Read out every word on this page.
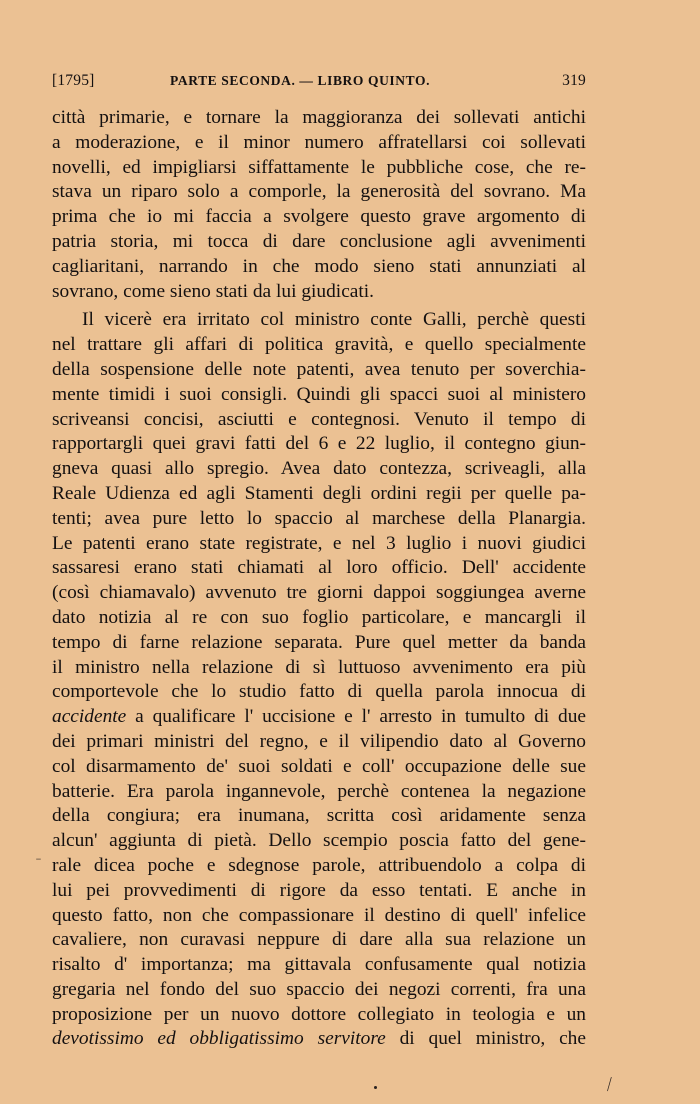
[1795]	PARTE SECONDA. — LIBRO QUINTO.	319
città primarie, e tornare la maggioranza dei sollevati antichi
a moderazione, e il minor numero affratellarsi coi sollevati
novelli, ed impigliarsi siffattamente le pubbliche cose, che re-
stava un riparo solo a comporle, la generosità del sovrano. Ma
prima che io mi faccia a svolgere questo grave argomento di
patria storia, mi tocca di dare conclusione agli avvenimenti
cagliaritani, narrando in che modo sieno stati annunziati al
sovrano, come sieno stati da lui giudicati.
Il vicerè era irritato col ministro conte Galli, perchè questi
nel trattare gli affari di politica gravità, e quello specialmente
della sospensione delle note patenti, avea tenuto per soverchia-
mente timidi i suoi consigli. Quindi gli spacci suoi al ministero
scriveansi concisi, asciutti e contegnosi. Venuto il tempo di
rapportargli quei gravi fatti del 6 e 22 luglio, il contegno giun-
gneva quasi allo spregio. Avea dato contezza, scriveagli, alla
Reale Udienza ed agli Stamenti degli ordini regii per quelle pa-
tenti; avea pure letto lo spaccio al marchese della Planargia.
Le patenti erano state registrate, e nel 3 luglio i nuovi giudici
sassaresi erano stati chiamati al loro officio. Dell' accidente
(così chiamavalo) avvenuto tre giorni dappoi soggiungea averne
dato notizia al re con suo foglio particolare, e mancargli il
tempo di farne relazione separata. Pure quel metter da banda
il ministro nella relazione di sì luttuoso avvenimento era più
comportevole che lo studio fatto di quella parola innocua di
accidente a qualificare l' uccisione e l' arresto in tumulto di due
dei primari ministri del regno, e il vilipendio dato al Governo
col disarmamento de' suoi soldati e coll' occupazione delle sue
batterie. Era parola ingannevole, perchè contenea la negazione
della congiura; era inumana, scritta così aridamente senza
alcun' aggiunta di pietà. Dello scempio poscia fatto del gene-
rale dicea poche e sdegnose parole, attribuendolo a colpa di
lui pei provvedimenti di rigore da esso tentati. E anche in
questo fatto, non che compassionare il destino di quell' infelice
cavaliere, non curavasi neppure di dare alla sua relazione un
risalto d' importanza; ma gittavala confusamente qual notizia
gregaria nel fondo del suo spaccio dei negozi correnti, fra una
proposizione per un nuovo dottore collegiato in teologia e un
devotissimo ed obbligatissimo servitore di quel ministro, che
ˉ
⁄
